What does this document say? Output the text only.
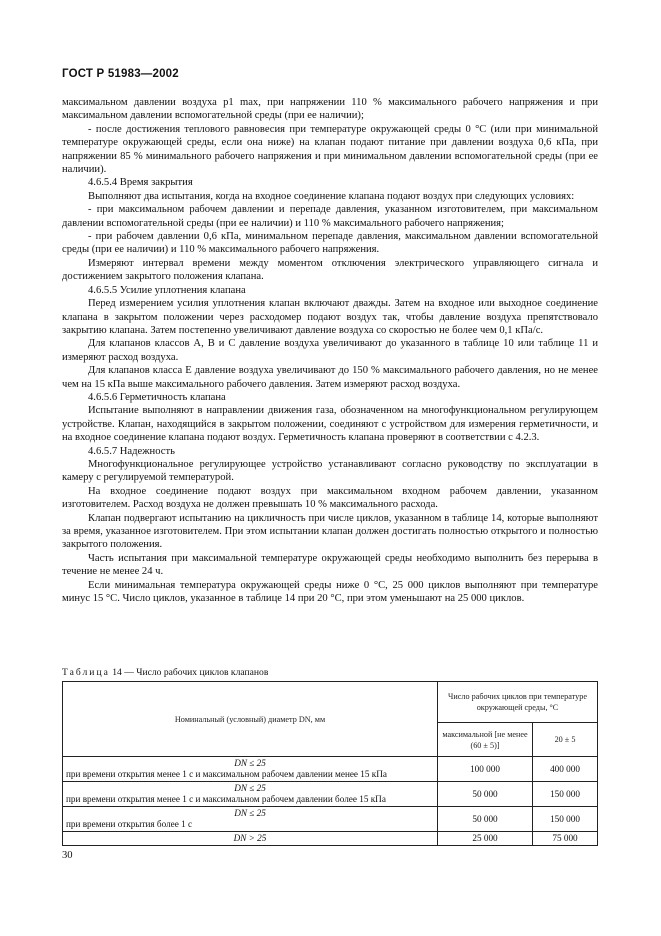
ГОСТ Р 51983—2002

максимальном давлении воздуха p1 max, при напряжении 110 % максимального рабочего напряжения и при максимальном давлении вспомогательной среды (при ее наличии);

- после достижения теплового равновесия при температуре окружающей среды 0 °С (или при минимальной температуре окружающей среды, если она ниже) на клапан подают питание при давлении воздуха 0,6 кПа, при напряжении 85 % минимального рабочего напряжения и при минимальном давлении вспомогательной среды (при ее наличии).

4.6.5.4 Время закрытия

Выполняют два испытания, когда на входное соединение клапана подают воздух при следующих условиях:

- при максимальном рабочем давлении и перепаде давления, указанном изготовителем, при максимальном давлении вспомогательной среды (при ее наличии) и 110 % максимального рабочего напряжения;

- при рабочем давлении 0,6 кПа, минимальном перепаде давления, максимальном давлении вспомогательной среды (при ее наличии) и 110 % максимального рабочего напряжения.

Измеряют интервал времени между моментом отключения электрического управляющего сигнала и достижением закрытого положения клапана.

4.6.5.5 Усилие уплотнения клапана

Перед измерением усилия уплотнения клапан включают дважды. Затем на входное или выходное соединение клапана в закрытом положении через расходомер подают воздух так, чтобы давление воздуха препятствовало закрытию клапана. Затем постепенно увеличивают давление воздуха со скоростью не более чем 0,1 кПа/с.

Для клапанов классов А, В и С давление воздуха увеличивают до указанного в таблице 10 или таблице 11 и измеряют расход воздуха.

Для клапанов класса Е давление воздуха увеличивают до 150 % максимального рабочего давления, но не менее чем на 15 кПа выше максимального рабочего давления. Затем измеряют расход воздуха.

4.6.5.6 Герметичность клапана

Испытание выполняют в направлении движения газа, обозначенном на многофункциональном регулирующем устройстве. Клапан, находящийся в закрытом положении, соединяют с устройством для измерения герметичности, и на входное соединение клапана подают воздух. Герметичность клапана проверяют в соответствии с 4.2.3.

4.6.5.7 Надежность

Многофункциональное регулирующее устройство устанавливают согласно руководству по эксплуатации в камеру с регулируемой температурой.

На входное соединение подают воздух при максимальном входном рабочем давлении, указанном изготовителем. Расход воздуха не должен превышать 10 % максимального расхода.

Клапан подвергают испытанию на цикличность при числе циклов, указанном в таблице 14, которые выполняют за время, указанное изготовителем. При этом испытании клапан должен достигать полностью открытого и полностью закрытого положения.

Часть испытания при максимальной температуре окружающей среды необходимо выполнить без перерыва в течение не менее 24 ч.

Если минимальная температура окружающей среды ниже 0 °С, 25 000 циклов выполняют при температуре минус 15 °С. Число циклов, указанное в таблице 14 при 20 °С, при этом уменьшают на 25 000 циклов.

Таблица 14 — Число рабочих циклов клапанов
Номинальный (условный) диаметр DN, мм	Число рабочих циклов при температуре окружающей среды, °С	
	максимальной [не менее (60 ± 5)]	20 ± 5

DN ≤ 25
при времени открытия менее 1 с и максимальном рабочем давлении менее 15 кПа	100 000	400 000

DN ≤ 25
при времени открытия менее 1 с и максимальном рабочем давлении более 15 кПа	50 000	150 000

DN ≤ 25
при времени открытия более 1 с	50 000	150 000

DN > 25	25 000	75 000
30
